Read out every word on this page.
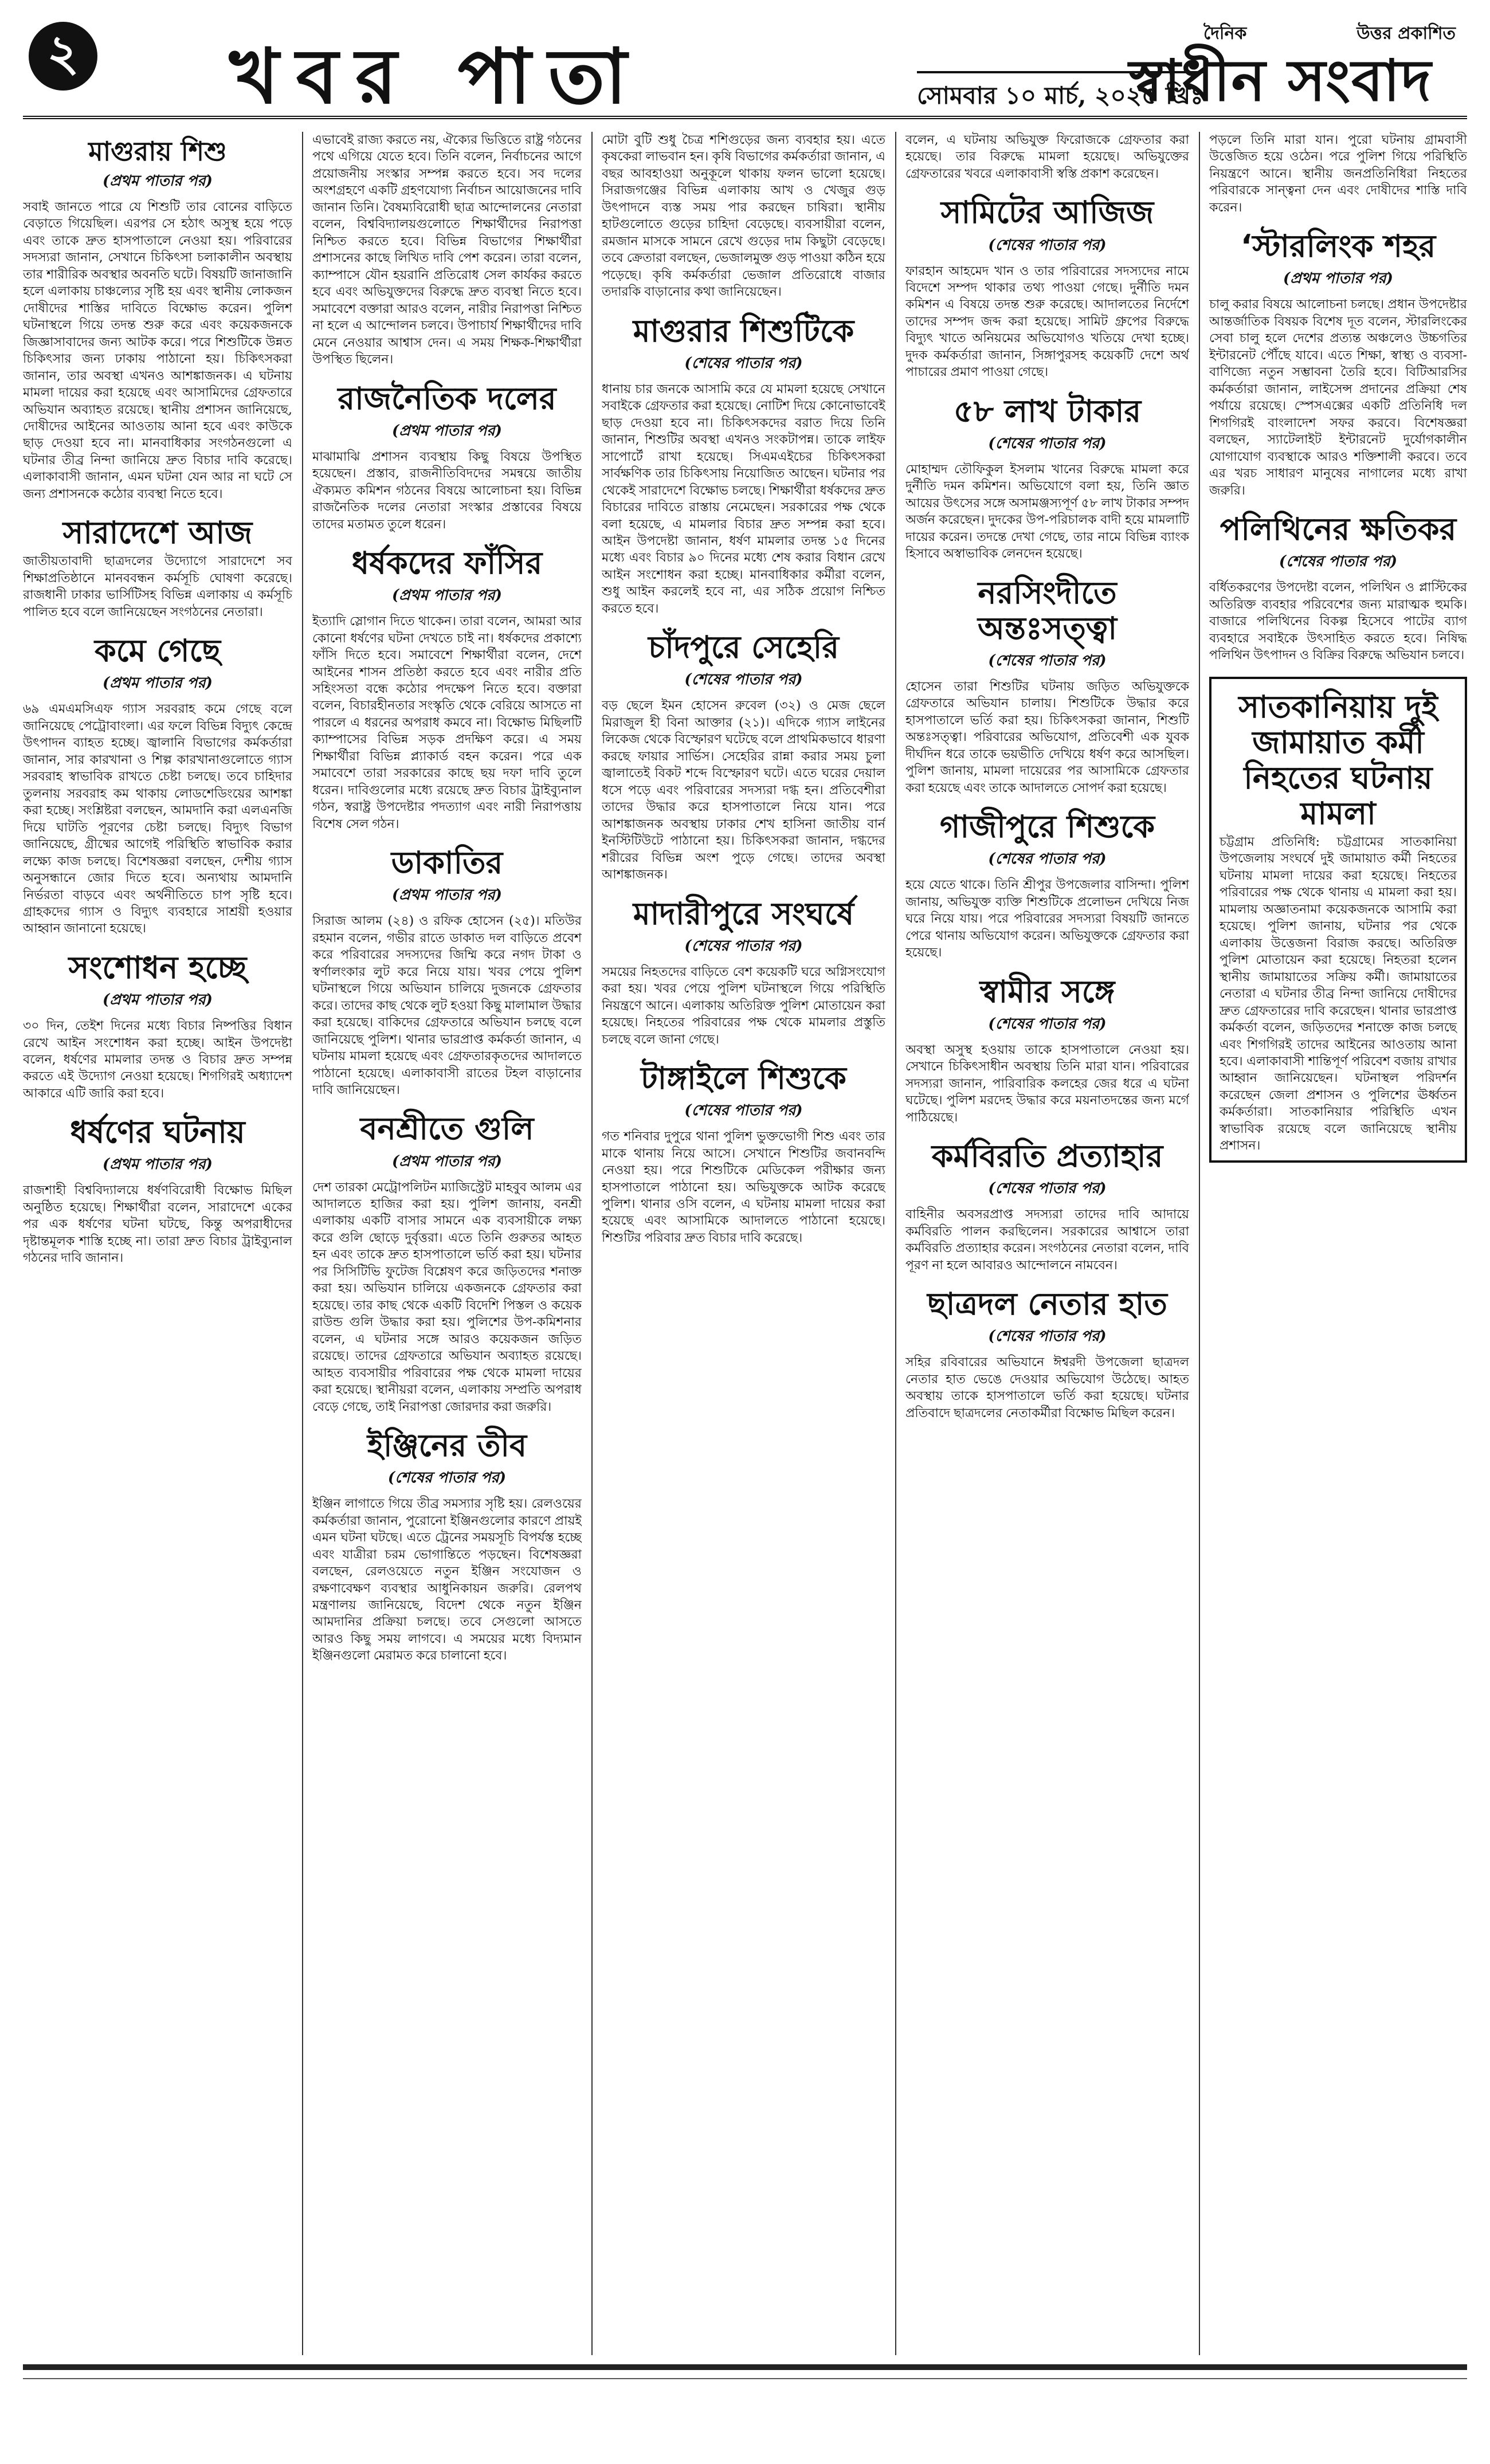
২ খবর পাতা	সোমবার ১০ মার্চ, ২০২৫ খ্রিঃ
দৈনিক	উত্তর প্রকাশিত
স্বাধীন সংবাদ
মাগুরায় শিশু
(প্রথম পাতার পর)
সবাই জানতে পারে যে শিশুটি তার বোনের বাড়িতে বেড়াতে গিয়েছিল। এরপর সে হঠাৎ অসুস্থ হয়ে পড়ে এবং তাকে দ্রুত হাসপাতালে নেওয়া হয়। পরিবারের সদস্যরা জানান, সেখানে চিকিৎসা চলাকালীন অবস্থায় তার শারীরিক অবস্থার অবনতি ঘটে। বিষয়টি জানাজানি হলে এলাকায় চাঞ্চল্যের সৃষ্টি হয় এবং স্থানীয় লোকজন দোষীদের শাস্তির দাবিতে বিক্ষোভ করেন। পুলিশ ঘটনাস্থলে গিয়ে তদন্ত শুরু করে এবং কয়েকজনকে জিজ্ঞাসাবাদের জন্য আটক করে। পরে শিশুটিকে উন্নত চিকিৎসার জন্য ঢাকায় পাঠানো হয়। চিকিৎসকরা জানান, তার অবস্থা এখনও আশঙ্কাজনক। এ ঘটনায় মামলা দায়ের করা হয়েছে এবং আসামিদের গ্রেফতারে অভিযান অব্যাহত রয়েছে। স্থানীয় প্রশাসন জানিয়েছে, দোষীদের আইনের আওতায় আনা হবে এবং কাউকে ছাড় দেওয়া হবে না। মানবাধিকার সংগঠনগুলো এ ঘটনার তীব্র নিন্দা জানিয়ে দ্রুত বিচার দাবি করেছে। এলাকাবাসী জানান, এমন ঘটনা যেন আর না ঘটে সে জন্য প্রশাসনকে কঠোর ব্যবস্থা নিতে হবে।
সারাদেশে আজ
জাতীয়তাবাদী ছাত্রদলের উদ্যোগে সারাদেশে সব শিক্ষাপ্রতিষ্ঠানে মানববন্ধন কর্মসূচি ঘোষণা করেছে। রাজধানী ঢাকার ভার্সিটিসহ বিভিন্ন এলাকায় এ কর্মসূচি পালিত হবে বলে জানিয়েছেন সংগঠনের নেতারা।
কমে গেছে
(প্রথম পাতার পর)
৬৯ এমএমসিএফ গ্যাস সরবরাহ কমে গেছে বলে জানিয়েছে পেট্রোবাংলা। এর ফলে বিভিন্ন বিদ্যুৎ কেন্দ্রে উৎপাদন ব্যাহত হচ্ছে। জ্বালানি বিভাগের কর্মকর্তারা জানান, সার কারখানা ও শিল্প কারখানাগুলোতে গ্যাস সরবরাহ স্বাভাবিক রাখতে চেষ্টা চলছে। তবে চাহিদার তুলনায় সরবরাহ কম থাকায় লোডশেডিংয়ের আশঙ্কা করা হচ্ছে। সংশ্লিষ্টরা বলছেন, আমদানি করা এলএনজি দিয়ে ঘাটতি পূরণের চেষ্টা চলছে। বিদ্যুৎ বিভাগ জানিয়েছে, গ্রীষ্মের আগেই পরিস্থিতি স্বাভাবিক করার লক্ষ্যে কাজ চলছে। বিশেষজ্ঞরা বলছেন, দেশীয় গ্যাস অনুসন্ধানে জোর দিতে হবে। অন্যথায় আমদানি নির্ভরতা বাড়বে এবং অর্থনীতিতে চাপ সৃষ্টি হবে। গ্রাহকদের গ্যাস ও বিদ্যুৎ ব্যবহারে সাশ্রয়ী হওয়ার আহ্বান জানানো হয়েছে।
সংশোধন হচ্ছে
(প্রথম পাতার পর)
৩০ দিন, তেইশ দিনের মধ্যে বিচার নিষ্পত্তির বিধান রেখে আইন সংশোধন করা হচ্ছে। আইন উপদেষ্টা বলেন, ধর্ষণের মামলার তদন্ত ও বিচার দ্রুত সম্পন্ন করতে এই উদ্যোগ নেওয়া হয়েছে। শিগগিরই অধ্যাদেশ আকারে এটি জারি করা হবে।
ধর্ষণের ঘটনায়
(প্রথম পাতার পর)
রাজশাহী বিশ্ববিদ্যালয়ে ধর্ষণবিরোধী বিক্ষোভ মিছিল অনুষ্ঠিত হয়েছে। শিক্ষার্থীরা বলেন, সারাদেশে একের পর এক ধর্ষণের ঘটনা ঘটছে, কিন্তু অপরাধীদের দৃষ্টান্তমূলক শাস্তি হচ্ছে না। তারা দ্রুত বিচার ট্রাইব্যুনাল গঠনের দাবি জানান।
এভাবেই রাজ্য করতে নয়, ঐক্যের ভিত্তিতে রাষ্ট্র গঠনের পথে এগিয়ে যেতে হবে। তিনি বলেন, নির্বাচনের আগে প্রয়োজনীয় সংস্কার সম্পন্ন করতে হবে। সব দলের অংশগ্রহণে একটি গ্রহণযোগ্য নির্বাচন আয়োজনের দাবি জানান তিনি। বৈষম্যবিরোধী ছাত্র আন্দোলনের নেতারা বলেন, বিশ্ববিদ্যালয়গুলোতে শিক্ষার্থীদের নিরাপত্তা নিশ্চিত করতে হবে। বিভিন্ন বিভাগের শিক্ষার্থীরা প্রশাসনের কাছে লিখিত দাবি পেশ করেন। তারা বলেন, ক্যাম্পাসে যৌন হয়রানি প্রতিরোধ সেল কার্যকর করতে হবে এবং অভিযুক্তদের বিরুদ্ধে দ্রুত ব্যবস্থা নিতে হবে। সমাবেশে বক্তারা আরও বলেন, নারীর নিরাপত্তা নিশ্চিত না হলে এ আন্দোলন চলবে। উপাচার্য শিক্ষার্থীদের দাবি মেনে নেওয়ার আশ্বাস দেন। এ সময় শিক্ষক-শিক্ষার্থীরা উপস্থিত ছিলেন।
রাজনৈতিক দলের
(প্রথম পাতার পর)
মাঝামাঝি প্রশাসন ব্যবস্থায় কিছু বিষয়ে উপস্থিত হয়েছেন। প্রস্তাব, রাজনীতিবিদদের সমন্বয়ে জাতীয় ঐক্যমত কমিশন গঠনের বিষয়ে আলোচনা হয়। বিভিন্ন রাজনৈতিক দলের নেতারা সংস্কার প্রস্তাবের বিষয়ে তাদের মতামত তুলে ধরেন।
ধর্ষকদের ফাঁসির
(প্রথম পাতার পর)
ইত্যাদি স্লোগান দিতে থাকেন। তারা বলেন, আমরা আর কোনো ধর্ষণের ঘটনা দেখতে চাই না। ধর্ষকদের প্রকাশ্যে ফাঁসি দিতে হবে। সমাবেশে শিক্ষার্থীরা বলেন, দেশে আইনের শাসন প্রতিষ্ঠা করতে হবে এবং নারীর প্রতি সহিংসতা বন্ধে কঠোর পদক্ষেপ নিতে হবে। বক্তারা বলেন, বিচারহীনতার সংস্কৃতি থেকে বেরিয়ে আসতে না পারলে এ ধরনের অপরাধ কমবে না। বিক্ষোভ মিছিলটি ক্যাম্পাসের বিভিন্ন সড়ক প্রদক্ষিণ করে। এ সময় শিক্ষার্থীরা বিভিন্ন প্ল্যাকার্ড বহন করেন। পরে এক সমাবেশে তারা সরকারের কাছে ছয় দফা দাবি তুলে ধরেন। দাবিগুলোর মধ্যে রয়েছে দ্রুত বিচার ট্রাইব্যুনাল গঠন, স্বরাষ্ট্র উপদেষ্টার পদত্যাগ এবং নারী নিরাপত্তায় বিশেষ সেল গঠন।
ডাকাতির
(প্রথম পাতার পর)
সিরাজ আলম (২৪) ও রফিক হোসেন (২৫)। মতিউর রহমান বলেন, গভীর রাতে ডাকাত দল বাড়িতে প্রবেশ করে পরিবারের সদস্যদের জিম্মি করে নগদ টাকা ও স্বর্ণালংকার লুট করে নিয়ে যায়। খবর পেয়ে পুলিশ ঘটনাস্থলে গিয়ে অভিযান চালিয়ে দুজনকে গ্রেফতার করে। তাদের কাছ থেকে লুট হওয়া কিছু মালামাল উদ্ধার করা হয়েছে। বাকিদের গ্রেফতারে অভিযান চলছে বলে জানিয়েছে পুলিশ। থানার ভারপ্রাপ্ত কর্মকর্তা জানান, এ ঘটনায় মামলা হয়েছে এবং গ্রেফতারকৃতদের আদালতে পাঠানো হয়েছে। এলাকাবাসী রাতের টহল বাড়ানোর দাবি জানিয়েছেন।
বনশ্রীতে গুলি
(প্রথম পাতার পর)
দেশ তারকা মেট্রোপলিটন ম্যাজিস্ট্রেট মাহবুব আলম এর আদালতে হাজির করা হয়। পুলিশ জানায়, বনশ্রী এলাকায় একটি বাসার সামনে এক ব্যবসায়ীকে লক্ষ্য করে গুলি ছোড়ে দুর্বৃত্তরা। এতে তিনি গুরুতর আহত হন এবং তাকে দ্রুত হাসপাতালে ভর্তি করা হয়। ঘটনার পর সিসিটিভি ফুটেজ বিশ্লেষণ করে জড়িতদের শনাক্ত করা হয়। অভিযান চালিয়ে একজনকে গ্রেফতার করা হয়েছে। তার কাছ থেকে একটি বিদেশি পিস্তল ও কয়েক রাউন্ড গুলি উদ্ধার করা হয়। পুলিশের উপ-কমিশনার বলেন, এ ঘটনার সঙ্গে আরও কয়েকজন জড়িত রয়েছে। তাদের গ্রেফতারে অভিযান অব্যাহত রয়েছে। আহত ব্যবসায়ীর পরিবারের পক্ষ থেকে মামলা দায়ের করা হয়েছে। স্থানীয়রা বলেন, এলাকায় সম্প্রতি অপরাধ বেড়ে গেছে, তাই নিরাপত্তা জোরদার করা জরুরি।
ইঞ্জিনের তীব
(শেষের পাতার পর)
ইঞ্জিন লাগাতে গিয়ে তীব্র সমস্যার সৃষ্টি হয়। রেলওয়ের কর্মকর্তারা জানান, পুরোনো ইঞ্জিনগুলোর কারণে প্রায়ই এমন ঘটনা ঘটছে। এতে ট্রেনের সময়সূচি বিপর্যস্ত হচ্ছে এবং যাত্রীরা চরম ভোগান্তিতে পড়ছেন। বিশেষজ্ঞরা বলছেন, রেলওয়েতে নতুন ইঞ্জিন সংযোজন ও রক্ষণাবেক্ষণ ব্যবস্থার আধুনিকায়ন জরুরি। রেলপথ মন্ত্রণালয় জানিয়েছে, বিদেশ থেকে নতুন ইঞ্জিন আমদানির প্রক্রিয়া চলছে। তবে সেগুলো আসতে আরও কিছু সময় লাগবে। এ সময়ের মধ্যে বিদ্যমান ইঞ্জিনগুলো মেরামত করে চালানো হবে।
মোটা বুটি শুধু চৈত্র শশিগুড়ের জন্য ব্যবহার হয়। এতে কৃষকেরা লাভবান হন। কৃষি বিভাগের কর্মকর্তারা জানান, এ বছর আবহাওয়া অনুকূলে থাকায় ফলন ভালো হয়েছে। সিরাজগঞ্জের বিভিন্ন এলাকায় আখ ও খেজুর গুড় উৎপাদনে ব্যস্ত সময় পার করছেন চাষিরা। স্থানীয় হাটগুলোতে গুড়ের চাহিদা বেড়েছে। ব্যবসায়ীরা বলেন, রমজান মাসকে সামনে রেখে গুড়ের দাম কিছুটা বেড়েছে। তবে ক্রেতারা বলছেন, ভেজালমুক্ত গুড় পাওয়া কঠিন হয়ে পড়েছে। কৃষি কর্মকর্তারা ভেজাল প্রতিরোধে বাজার তদারকি বাড়ানোর কথা জানিয়েছেন।
মাগুরার শিশুটিকে
(শেষের পাতার পর)
ধানায় চার জনকে আসামি করে যে মামলা হয়েছে সেখানে সবাইকে গ্রেফতার করা হয়েছে। নোটিশ দিয়ে কোনোভাবেই ছাড় দেওয়া হবে না। চিকিৎসকদের বরাত দিয়ে তিনি জানান, শিশুটির অবস্থা এখনও সংকটাপন্ন। তাকে লাইফ সাপোর্টে রাখা হয়েছে। সিএমএইচের চিকিৎসকরা সার্বক্ষণিক তার চিকিৎসায় নিয়োজিত আছেন। ঘটনার পর থেকেই সারাদেশে বিক্ষোভ চলছে। শিক্ষার্থীরা ধর্ষকদের দ্রুত বিচারের দাবিতে রাস্তায় নেমেছেন। সরকারের পক্ষ থেকে বলা হয়েছে, এ মামলার বিচার দ্রুত সম্পন্ন করা হবে। আইন উপদেষ্টা জানান, ধর্ষণ মামলার তদন্ত ১৫ দিনের মধ্যে এবং বিচার ৯০ দিনের মধ্যে শেষ করার বিধান রেখে আইন সংশোধন করা হচ্ছে। মানবাধিকার কর্মীরা বলেন, শুধু আইন করলেই হবে না, এর সঠিক প্রয়োগ নিশ্চিত করতে হবে।
চাঁদপুরে সেহেরি
(শেষের পাতার পর)
বড় ছেলে ইমন হোসেন রুবেল (৩২) ও মেজ ছেলে মিরাজুল হী বিনা আক্তার (২১)। এদিকে গ্যাস লাইনের লিকেজ থেকে বিস্ফোরণ ঘটেছে বলে প্রাথমিকভাবে ধারণা করছে ফায়ার সার্ভিস। সেহেরির রান্না করার সময় চুলা জ্বালাতেই বিকট শব্দে বিস্ফোরণ ঘটে। এতে ঘরের দেয়াল ধসে পড়ে এবং পরিবারের সদস্যরা দগ্ধ হন। প্রতিবেশীরা তাদের উদ্ধার করে হাসপাতালে নিয়ে যান। পরে আশঙ্কাজনক অবস্থায় ঢাকার শেখ হাসিনা জাতীয় বার্ন ইনস্টিটিউটে পাঠানো হয়। চিকিৎসকরা জানান, দগ্ধদের শরীরের বিভিন্ন অংশ পুড়ে গেছে। তাদের অবস্থা আশঙ্কাজনক।
মাদারীপুরে সংঘর্ষে
(শেষের পাতার পর)
সময়ের নিহতদের বাড়িতে বেশ কয়েকটি ঘরে অগ্নিসংযোগ করা হয়। খবর পেয়ে পুলিশ ঘটনাস্থলে গিয়ে পরিস্থিতি নিয়ন্ত্রণে আনে। এলাকায় অতিরিক্ত পুলিশ মোতায়েন করা হয়েছে। নিহতের পরিবারের পক্ষ থেকে মামলার প্রস্তুতি চলছে বলে জানা গেছে।
টাঙ্গাইলে শিশুকে
(শেষের পাতার পর)
গত শনিবার দুপুরে থানা পুলিশ ভুক্তভোগী শিশু এবং তার মাকে থানায় নিয়ে আসে। সেখানে শিশুটির জবানবন্দি নেওয়া হয়। পরে শিশুটিকে মেডিকেল পরীক্ষার জন্য হাসপাতালে পাঠানো হয়। অভিযুক্তকে আটক করেছে পুলিশ। থানার ওসি বলেন, এ ঘটনায় মামলা দায়ের করা হয়েছে এবং আসামিকে আদালতে পাঠানো হয়েছে। শিশুটির পরিবার দ্রুত বিচার দাবি করেছে।
বলেন, এ ঘটনায় অভিযুক্ত ফিরোজকে গ্রেফতার করা হয়েছে। তার বিরুদ্ধে মামলা হয়েছে। অভিযুক্তের গ্রেফতারের খবরে এলাকাবাসী স্বস্তি প্রকাশ করেছেন।
সামিটের আজিজ
(শেষের পাতার পর)
ফারহান আহমেদ খান ও তার পরিবারের সদস্যদের নামে বিদেশে সম্পদ থাকার তথ্য পাওয়া গেছে। দুর্নীতি দমন কমিশন এ বিষয়ে তদন্ত শুরু করেছে। আদালতের নির্দেশে তাদের সম্পদ জব্দ করা হয়েছে। সামিট গ্রুপের বিরুদ্ধে বিদ্যুৎ খাতে অনিয়মের অভিযোগও খতিয়ে দেখা হচ্ছে। দুদক কর্মকর্তারা জানান, সিঙ্গাপুরসহ কয়েকটি দেশে অর্থ পাচারের প্রমাণ পাওয়া গেছে।
৫৮ লাখ টাকার
(শেষের পাতার পর)
মোহাম্মদ তৌফিকুল ইসলাম খানের বিরুদ্ধে মামলা করে দুর্নীতি দমন কমিশন। অভিযোগে বলা হয়, তিনি জ্ঞাত আয়ের উৎসের সঙ্গে অসামঞ্জস্যপূর্ণ ৫৮ লাখ টাকার সম্পদ অর্জন করেছেন। দুদকের উপ-পরিচালক বাদী হয়ে মামলাটি দায়ের করেন। তদন্তে দেখা গেছে, তার নামে বিভিন্ন ব্যাংক হিসাবে অস্বাভাবিক লেনদেন হয়েছে।
নরসিংদীতে অন্তঃসত্ত্বা
(শেষের পাতার পর)
হোসেন তারা শিশুটির ঘটনায় জড়িত অভিযুক্তকে গ্রেফতারে অভিযান চালায়। শিশুটিকে উদ্ধার করে হাসপাতালে ভর্তি করা হয়। চিকিৎসকরা জানান, শিশুটি অন্তঃসত্ত্বা। পরিবারের অভিযোগ, প্রতিবেশী এক যুবক দীর্ঘদিন ধরে তাকে ভয়ভীতি দেখিয়ে ধর্ষণ করে আসছিল। পুলিশ জানায়, মামলা দায়েরের পর আসামিকে গ্রেফতার করা হয়েছে এবং তাকে আদালতে সোপর্দ করা হয়েছে।
গাজীপুরে শিশুকে
(শেষের পাতার পর)
হয়ে যেতে থাকে। তিনি শ্রীপুর উপজেলার বাসিন্দা। পুলিশ জানায়, অভিযুক্ত ব্যক্তি শিশুটিকে প্রলোভন দেখিয়ে নিজ ঘরে নিয়ে যায়। পরে পরিবারের সদস্যরা বিষয়টি জানতে পেরে থানায় অভিযোগ করেন। অভিযুক্তকে গ্রেফতার করা হয়েছে।
স্বামীর সঙ্গে
(শেষের পাতার পর)
অবস্থা অসুস্থ হওয়ায় তাকে হাসপাতালে নেওয়া হয়। সেখানে চিকিৎসাধীন অবস্থায় তিনি মারা যান। পরিবারের সদস্যরা জানান, পারিবারিক কলহের জের ধরে এ ঘটনা ঘটেছে। পুলিশ মরদেহ উদ্ধার করে ময়নাতদন্তের জন্য মর্গে পাঠিয়েছে।
কর্মবিরতি প্রত্যাহার
(শেষের পাতার পর)
বাহিনীর অবসরপ্রাপ্ত সদস্যরা তাদের দাবি আদায়ে কর্মবিরতি পালন করছিলেন। সরকারের আশ্বাসে তারা কর্মবিরতি প্রত্যাহার করেন। সংগঠনের নেতারা বলেন, দাবি পূরণ না হলে আবারও আন্দোলনে নামবেন।
ছাত্রদল নেতার হাত
(শেষের পাতার পর)
সহির রবিবারের অভিযানে ঈশ্বরদী উপজেলা ছাত্রদল নেতার হাত ভেঙে দেওয়ার অভিযোগ উঠেছে। আহত অবস্থায় তাকে হাসপাতালে ভর্তি করা হয়েছে। ঘটনার প্রতিবাদে ছাত্রদলের নেতাকর্মীরা বিক্ষোভ মিছিল করেন।
পড়লে তিনি মারা যান। পুরো ঘটনায় গ্রামবাসী উত্তেজিত হয়ে ওঠেন। পরে পুলিশ গিয়ে পরিস্থিতি নিয়ন্ত্রণে আনে। স্থানীয় জনপ্রতিনিধিরা নিহতের পরিবারকে সান্ত্বনা দেন এবং দোষীদের শাস্তি দাবি করেন।
‘স্টারলিংক শহর
(প্রথম পাতার পর)
চালু করার বিষয়ে আলোচনা চলছে। প্রধান উপদেষ্টার আন্তর্জাতিক বিষয়ক বিশেষ দূত বলেন, স্টারলিংকের সেবা চালু হলে দেশের প্রত্যন্ত অঞ্চলেও উচ্চগতির ইন্টারনেট পৌঁছে যাবে। এতে শিক্ষা, স্বাস্থ্য ও ব্যবসা-বাণিজ্যে নতুন সম্ভাবনা তৈরি হবে। বিটিআরসির কর্মকর্তারা জানান, লাইসেন্স প্রদানের প্রক্রিয়া শেষ পর্যায়ে রয়েছে। স্পেসএক্সের একটি প্রতিনিধি দল শিগগিরই বাংলাদেশ সফর করবে। বিশেষজ্ঞরা বলছেন, স্যাটেলাইট ইন্টারনেট দুর্যোগকালীন যোগাযোগ ব্যবস্থাকে আরও শক্তিশালী করবে। তবে এর খরচ সাধারণ মানুষের নাগালের মধ্যে রাখা জরুরি।
পলিথিনের ক্ষতিকর
(শেষের পাতার পর)
বর্ধিতকরণের উপদেষ্টা বলেন, পলিথিন ও প্লাস্টিকের অতিরিক্ত ব্যবহার পরিবেশের জন্য মারাত্মক হুমকি। বাজারে পলিথিনের বিকল্প হিসেবে পাটের ব্যাগ ব্যবহারে সবাইকে উৎসাহিত করতে হবে। নিষিদ্ধ পলিথিন উৎপাদন ও বিক্রির বিরুদ্ধে অভিযান চলবে।
সাতকানিয়ায় দুই জামায়াত কর্মী নিহতের ঘটনায় মামলা
চট্টগ্রাম প্রতিনিধি: চট্টগ্রামের সাতকানিয়া উপজেলায় সংঘর্ষে দুই জামায়াত কর্মী নিহতের ঘটনায় মামলা দায়ের করা হয়েছে। নিহতের পরিবারের পক্ষ থেকে থানায় এ মামলা করা হয়। মামলায় অজ্ঞাতনামা কয়েকজনকে আসামি করা হয়েছে। পুলিশ জানায়, ঘটনার পর থেকে এলাকায় উত্তেজনা বিরাজ করছে। অতিরিক্ত পুলিশ মোতায়েন করা হয়েছে। নিহতরা হলেন স্থানীয় জামায়াতের সক্রিয় কর্মী। জামায়াতের নেতারা এ ঘটনার তীব্র নিন্দা জানিয়ে দোষীদের দ্রুত গ্রেফতারের দাবি করেছেন। থানার ভারপ্রাপ্ত কর্মকর্তা বলেন, জড়িতদের শনাক্তে কাজ চলছে এবং শিগগিরই তাদের আইনের আওতায় আনা হবে। এলাকাবাসী শান্তিপূর্ণ পরিবেশ বজায় রাখার আহ্বান জানিয়েছেন। ঘটনাস্থল পরিদর্শন করেছেন জেলা প্রশাসন ও পুলিশের ঊর্ধ্বতন কর্মকর্তারা। সাতকানিয়ার পরিস্থিতি এখন স্বাভাবিক রয়েছে বলে জানিয়েছে স্থানীয় প্রশাসন।
